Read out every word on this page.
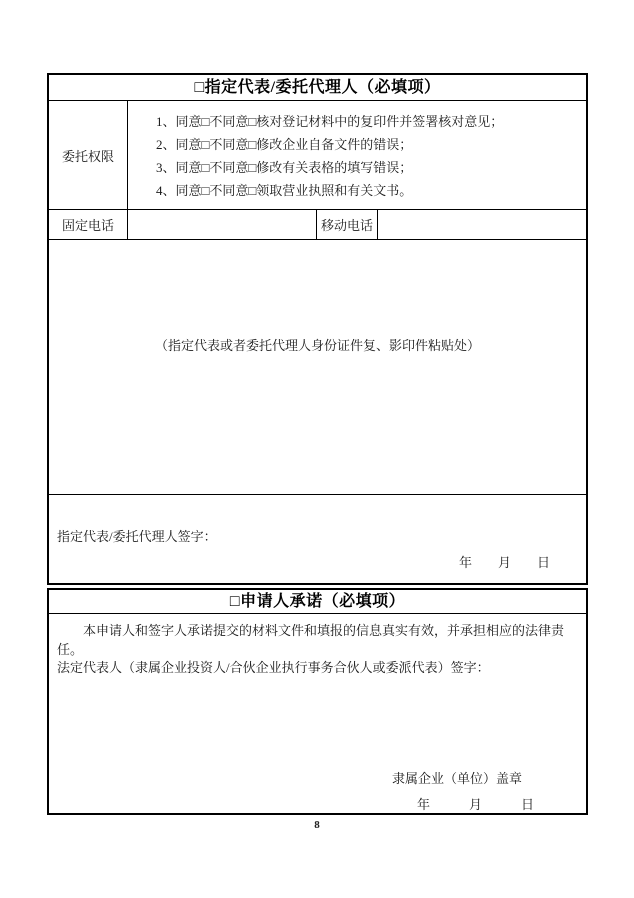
□指定代表/委托代理人（必填项）
委托权限
1、同意□不同意□核对登记材料中的复印件并签署核对意见；
2、同意□不同意□修改企业自备文件的错误；
3、同意□不同意□修改有关表格的填写错误；
4、同意□不同意□领取营业执照和有关文书。
固定电话	移动电话
（指定代表或者委托代理人身份证件复、影印件粘贴处）
指定代表/委托代理人签字：
年　　月　　日
□申请人承诺（必填项）
本申请人和签字人承诺提交的材料文件和填报的信息真实有效，并承担相应的法律责任。
法定代表人（隶属企业投资人/合伙企业执行事务合伙人或委派代表）签字：
隶属企业（单位）盖章
年　　　月　　　日
8
